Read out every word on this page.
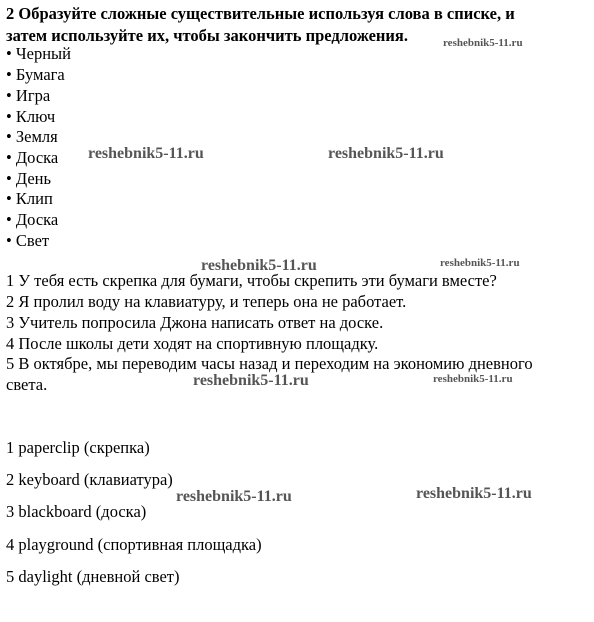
2 Образуйте сложные существительные используя слова в списке, и
затем используйте их, чтобы закончить предложения.
• Черный
• Бумага
• Игра
• Ключ
• Земля
• Доска
• День
• Клип
• Доска
• Свет
1 У тебя есть скрепка для бумаги, чтобы скрепить эти бумаги вместе?
2 Я пролил воду на клавиатуру, и теперь она не работает.
3 Учитель попросила Джона написать ответ на доске.
4 После школы дети ходят на спортивную площадку.
5 В октябре, мы переводим часы назад и переходим на экономию дневного
света.
1 paperclip (скрепка)
2 keyboard (клавиатура)
3 blackboard (доска)
4 playground (спортивная площадка)
5 daylight (дневной свет)
reshebnik5-11.ru
reshebnik5-11.ru	reshebnik5-11.ru
reshebnik5-11.ru	reshebnik5-11.ru
reshebnik5-11.ru	reshebnik5-11.ru
reshebnik5-11.ru	reshebnik5-11.ru
